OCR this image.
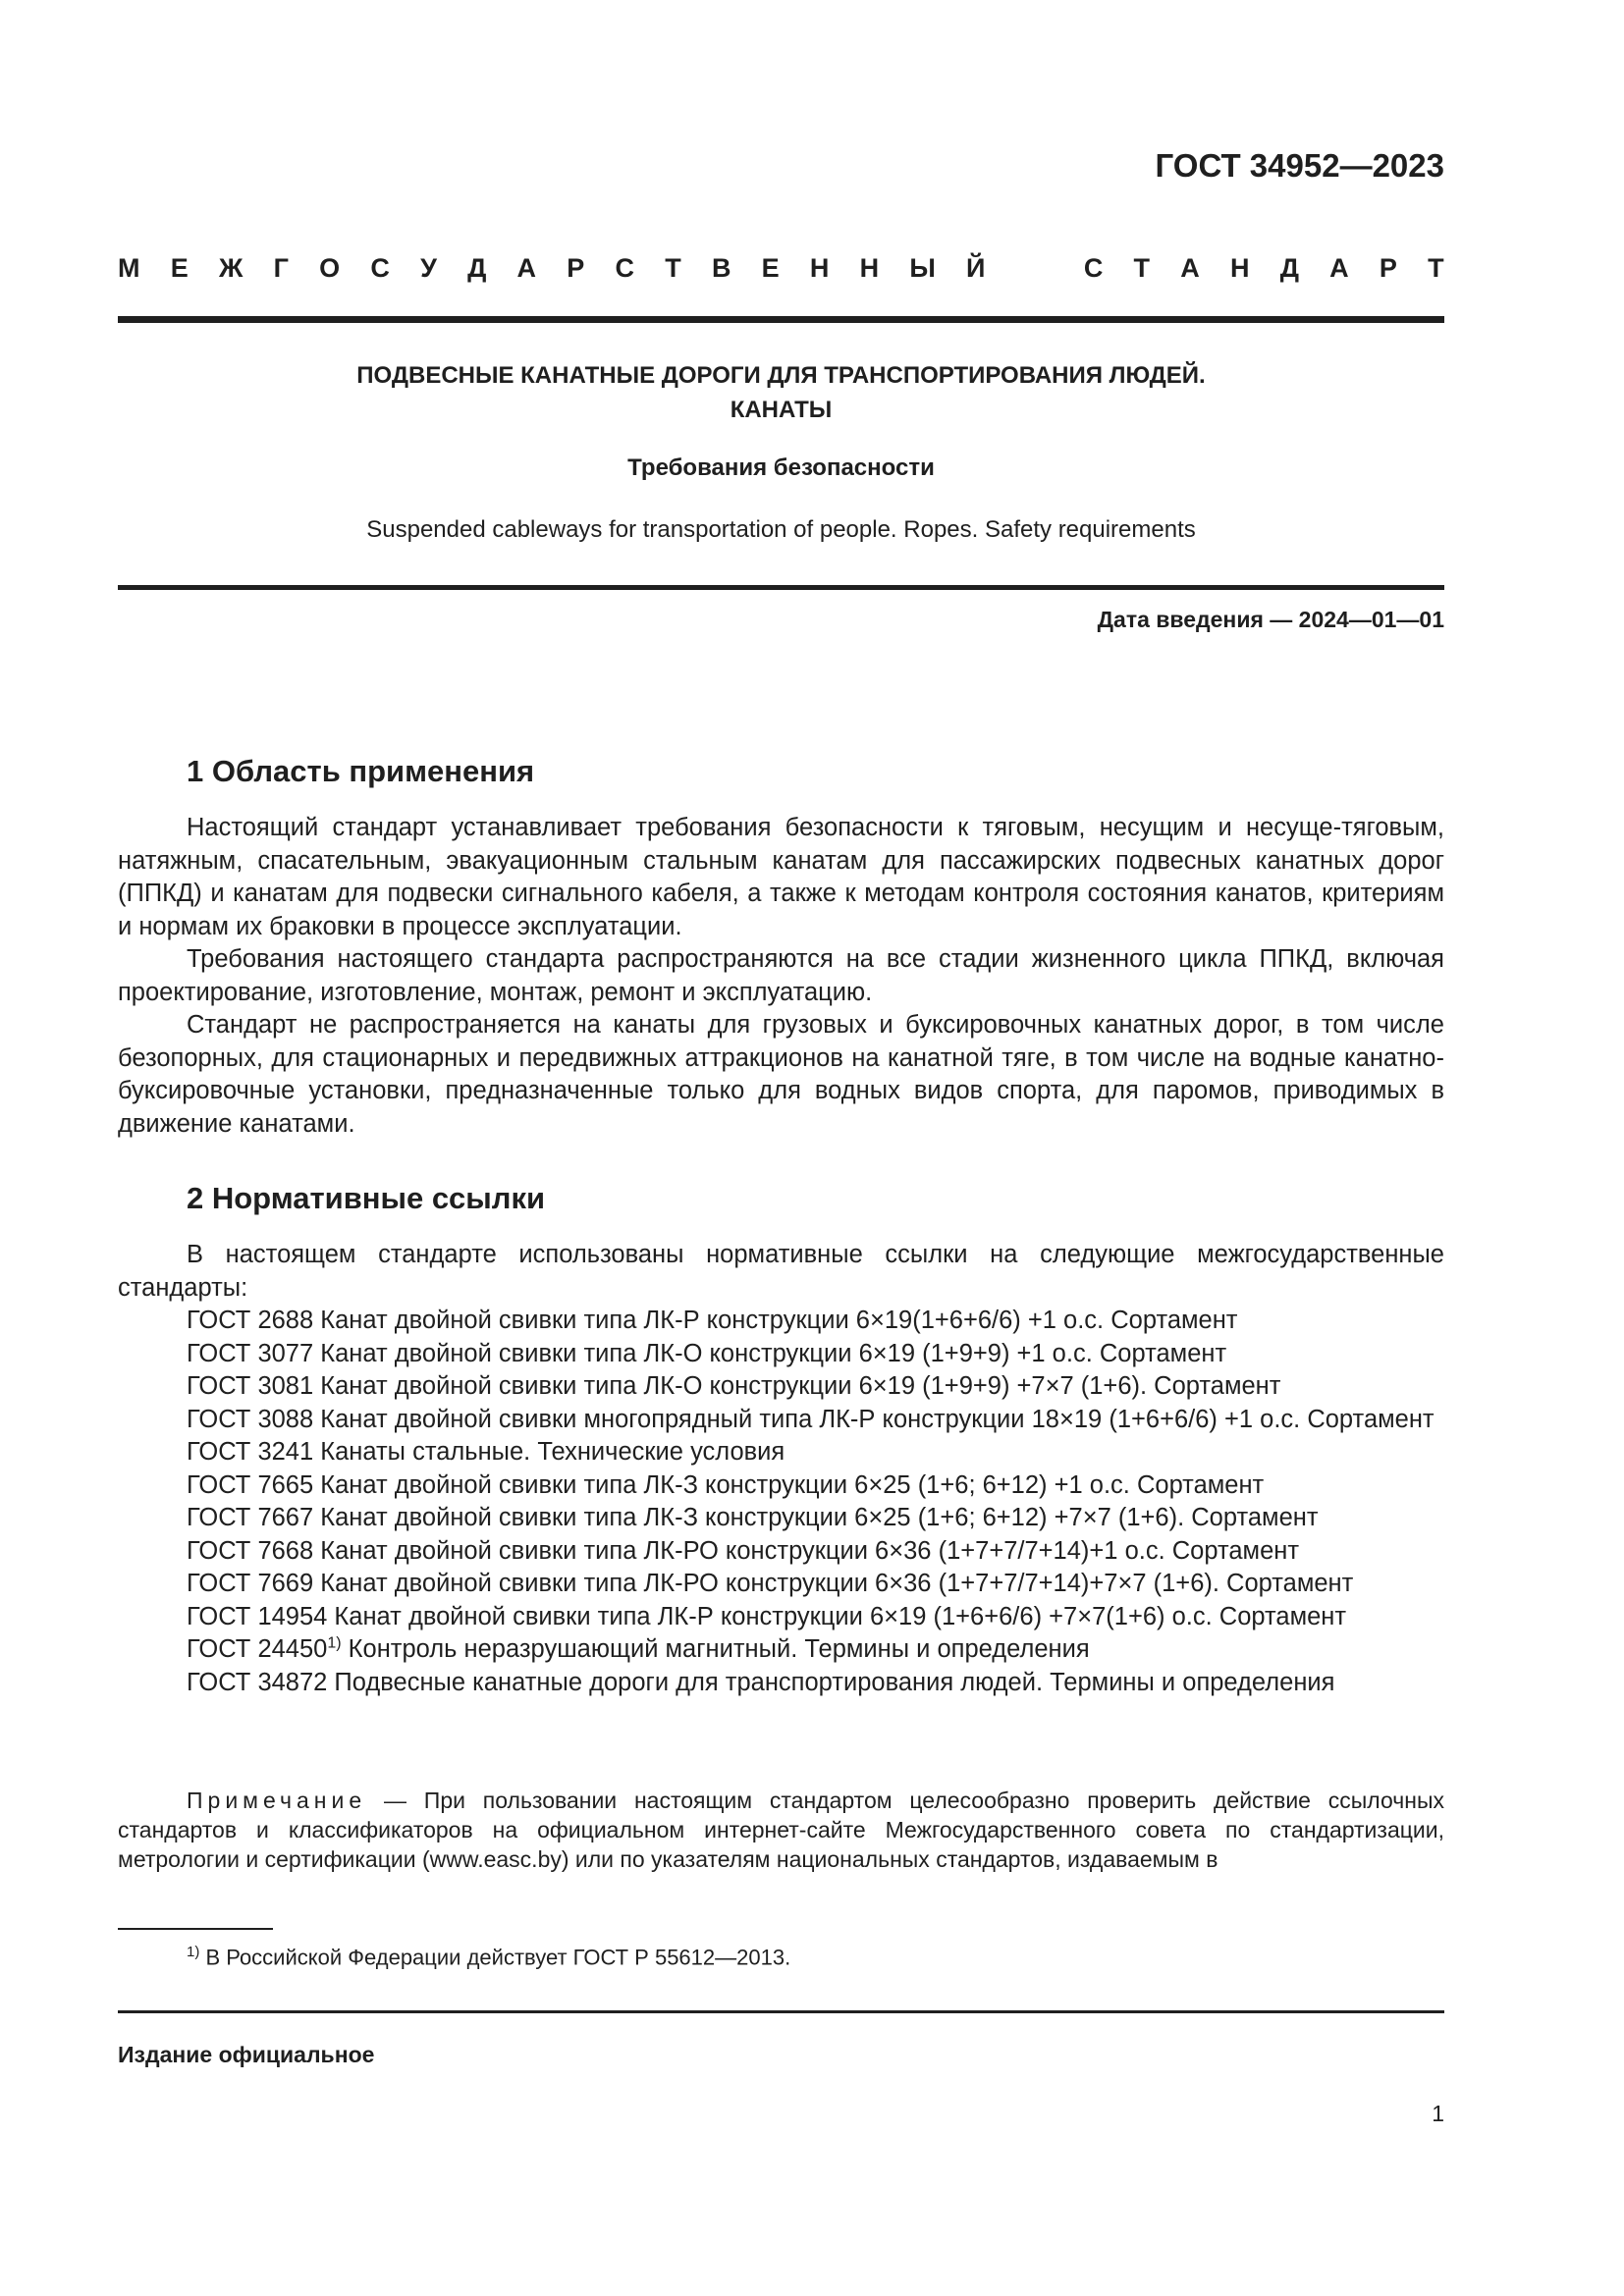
ГОСТ 34952—2023
М Е Ж Г О С У Д А Р С Т В Е Н Н Ы Й	С Т А Н Д А Р Т
ПОДВЕСНЫЕ КАНАТНЫЕ ДОРОГИ ДЛЯ ТРАНСПОРТИРОВАНИЯ ЛЮДЕЙ.
КАНАТЫ
Требования безопасности
Suspended cableways for transportation of people. Ropes. Safety requirements
Дата введения — 2024—01—01
1 Область применения

Настоящий стандарт устанавливает требования безопасности к тяговым, несущим и несуще-тяговым, натяжным, спасательным, эвакуационным стальным канатам для пассажирских подвесных канатных дорог (ППКД) и канатам для подвески сигнального кабеля, а также к методам контроля состояния канатов, критериям и нормам их браковки в процессе эксплуатации.

Требования настоящего стандарта распространяются на все стадии жизненного цикла ППКД, включая проектирование, изготовление, монтаж, ремонт и эксплуатацию.

Стандарт не распространяется на канаты для грузовых и буксировочных канатных дорог, в том числе безопорных, для стационарных и передвижных аттракционов на канатной тяге, в том числе на водные канатно-буксировочные установки, предназначенные только для водных видов спорта, для паромов, приводимых в движение канатами.

2 Нормативные ссылки

В настоящем стандарте использованы нормативные ссылки на следующие межгосударственные стандарты:

ГОСТ 2688 Канат двойной свивки типа ЛК-Р конструкции 6×19(1+6+6/6) +1 о.с. Сортамент

ГОСТ 3077 Канат двойной свивки типа ЛК-О конструкции 6×19 (1+9+9) +1 о.с. Сортамент

ГОСТ 3081 Канат двойной свивки типа ЛК-О конструкции 6×19 (1+9+9) +7×7 (1+6). Сортамент

ГОСТ 3088 Канат двойной свивки многопрядный типа ЛК-Р конструкции 18×19 (1+6+6/6) +1 о.с. Сортамент

ГОСТ 3241 Канаты стальные. Технические условия

ГОСТ 7665 Канат двойной свивки типа ЛК-З конструкции 6×25 (1+6; 6+12) +1 о.с. Сортамент

ГОСТ 7667 Канат двойной свивки типа ЛК-З конструкции 6×25 (1+6; 6+12) +7×7 (1+6). Сортамент

ГОСТ 7668 Канат двойной свивки типа ЛК-РО конструкции 6×36 (1+7+7/7+14)+1 о.с. Сортамент

ГОСТ 7669 Канат двойной свивки типа ЛК-РО конструкции 6×36 (1+7+7/7+14)+7×7 (1+6). Сортамент

ГОСТ 14954 Канат двойной свивки типа ЛК-Р конструкции 6×19 (1+6+6/6) +7×7(1+6) о.с. Сортамент

ГОСТ 24450$^{1)}$ Контроль неразрушающий магнитный. Термины и определения

ГОСТ 34872 Подвесные канатные дороги для транспортирования людей. Термины и определения

Примечание — При пользовании настоящим стандартом целесообразно проверить действие ссылочных стандартов и классификаторов на официальном интернет-сайте Межгосударственного совета по стандартизации, метрологии и сертификации (www.easc.by) или по указателям национальных стандартов, издаваемым в

$^{1)}$ В Российской Федерации действует ГОСТ Р 55612—2013.
Издание официальное
1
